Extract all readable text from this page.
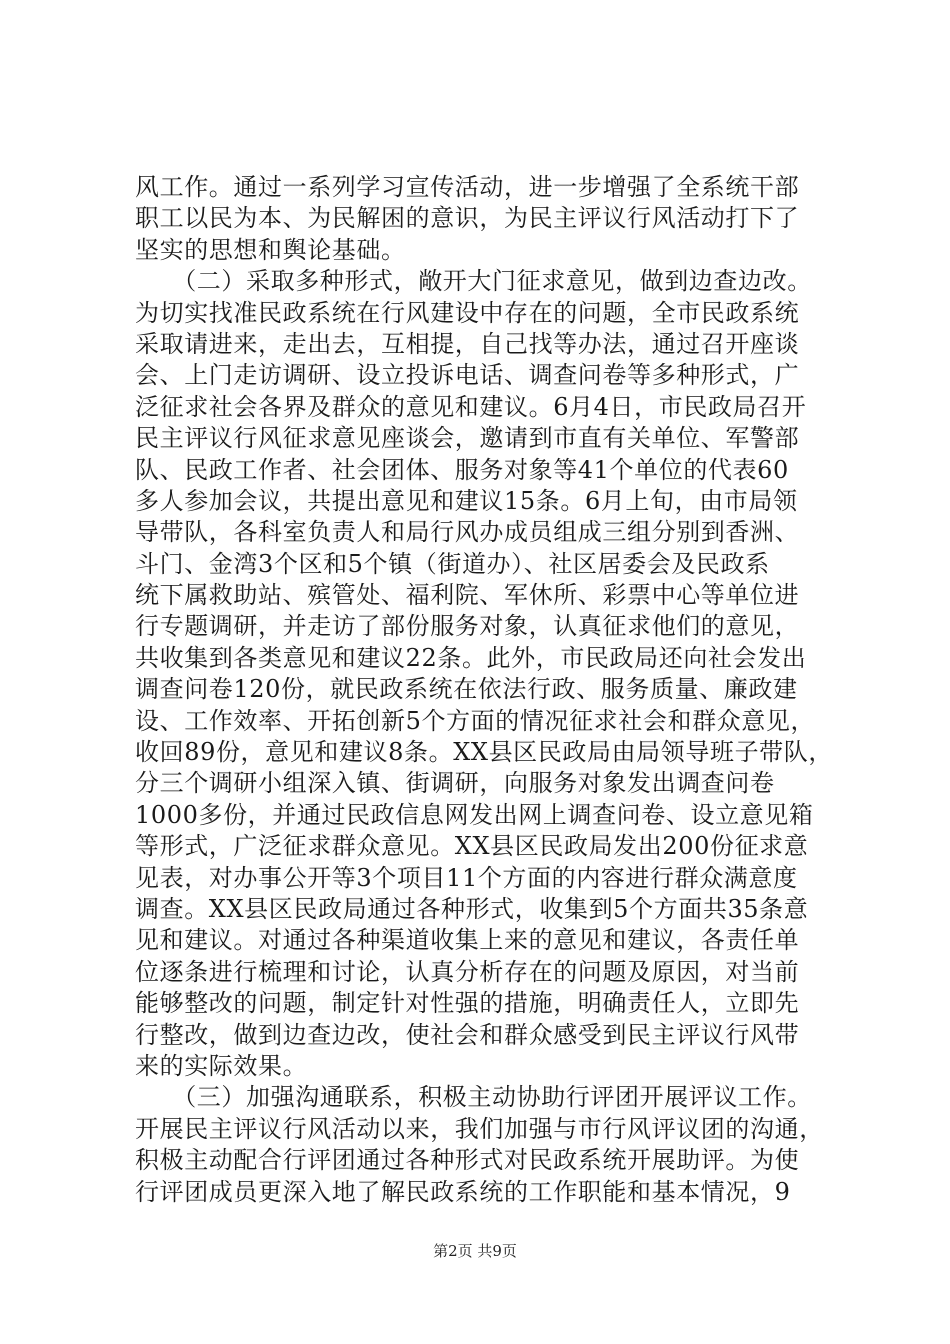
风工作。通过一系列学习宣传活动，进一步增强了全系统干部
职工以民为本、为民解困的意识，为民主评议行风活动打下了
坚实的思想和舆论基础。
　　（二）采取多种形式，敞开大门征求意见，做到边查边改。
为切实找准民政系统在行风建设中存在的问题，全市民政系统
采取请进来，走出去，互相提，自己找等办法，通过召开座谈
会、上门走访调研、设立投诉电话、调查问卷等多种形式，广
泛征求社会各界及群众的意见和建议。6月4日，市民政局召开
民主评议行风征求意见座谈会，邀请到市直有关单位、军警部
队、民政工作者、社会团体、服务对象等41个单位的代表60
多人参加会议，共提出意见和建议15条。6月上旬，由市局领
导带队，各科室负责人和局行风办成员组成三组分别到香洲、
斗门、金湾3个区和5个镇（街道办）、社区居委会及民政系
统下属救助站、殡管处、福利院、军休所、彩票中心等单位进
行专题调研，并走访了部份服务对象，认真征求他们的意见，
共收集到各类意见和建议22条。此外，市民政局还向社会发出
调查问卷120份，就民政系统在依法行政、服务质量、廉政建
设、工作效率、开拓创新5个方面的情况征求社会和群众意见，
收回89份，意见和建议8条。XX县区民政局由局领导班子带队，
分三个调研小组深入镇、街调研，向服务对象发出调查问卷
1000多份，并通过民政信息网发出网上调查问卷、设立意见箱
等形式，广泛征求群众意见。XX县区民政局发出200份征求意
见表，对办事公开等3个项目11个方面的内容进行群众满意度
调查。XX县区民政局通过各种形式，收集到5个方面共35条意
见和建议。对通过各种渠道收集上来的意见和建议，各责任单
位逐条进行梳理和讨论，认真分析存在的问题及原因，对当前
能够整改的问题，制定针对性强的措施，明确责任人，立即先
行整改，做到边查边改，使社会和群众感受到民主评议行风带
来的实际效果。
　　（三）加强沟通联系，积极主动协助行评团开展评议工作。
开展民主评议行风活动以来，我们加强与市行风评议团的沟通，
积极主动配合行评团通过各种形式对民政系统开展助评。为使
行评团成员更深入地了解民政系统的工作职能和基本情况，9
第2页 共9页
